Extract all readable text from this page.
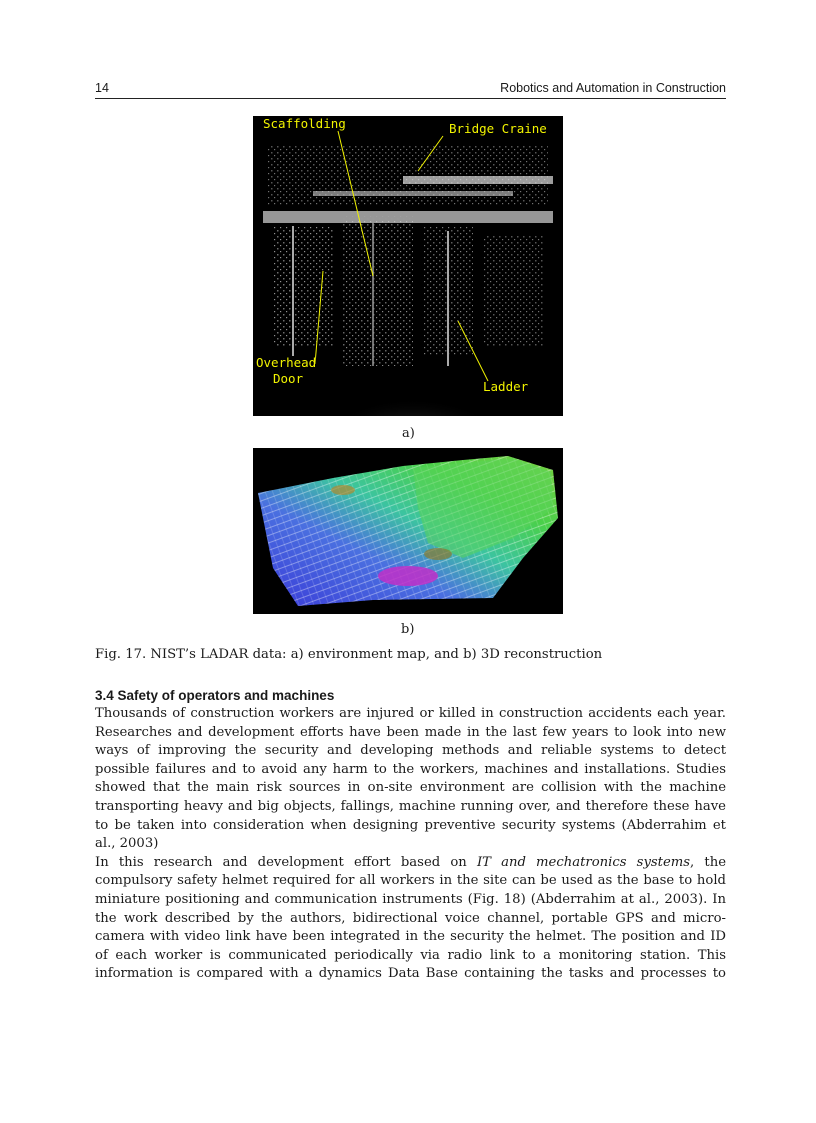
14	Robotics and Automation in Construction
Scaffolding	Bridge Craine
Overhead
Door
Ladder
a)
b)
Fig. 17. NIST’s LADAR data: a) environment map, and b) 3D reconstruction
3.4 Safety of operators and machines
Thousands of construction workers are injured or killed in construction accidents each year.
Researches and development efforts have been made in the last few years to look into new
ways of improving the security and developing methods and reliable systems to detect
possible failures and to avoid any harm to the workers, machines and installations. Studies
showed that the main risk sources in on-site environment are collision with the machine
transporting heavy and big objects, fallings, machine running over, and therefore these have
to be taken into consideration when designing preventive security systems (Abderrahim et
al., 2003)
In this research and development effort based on IT and mechatronics systems, the
compulsory safety helmet required for all workers in the site can be used as the base to hold
miniature positioning and communication instruments (Fig. 18) (Abderrahim at al., 2003). In
the work described by the authors, bidirectional voice channel, portable GPS and micro-
camera with video link have been integrated in the security the helmet. The position and ID
of each worker is communicated periodically via radio link to a monitoring station. This
information is compared with a dynamics Data Base containing the tasks and processes to
